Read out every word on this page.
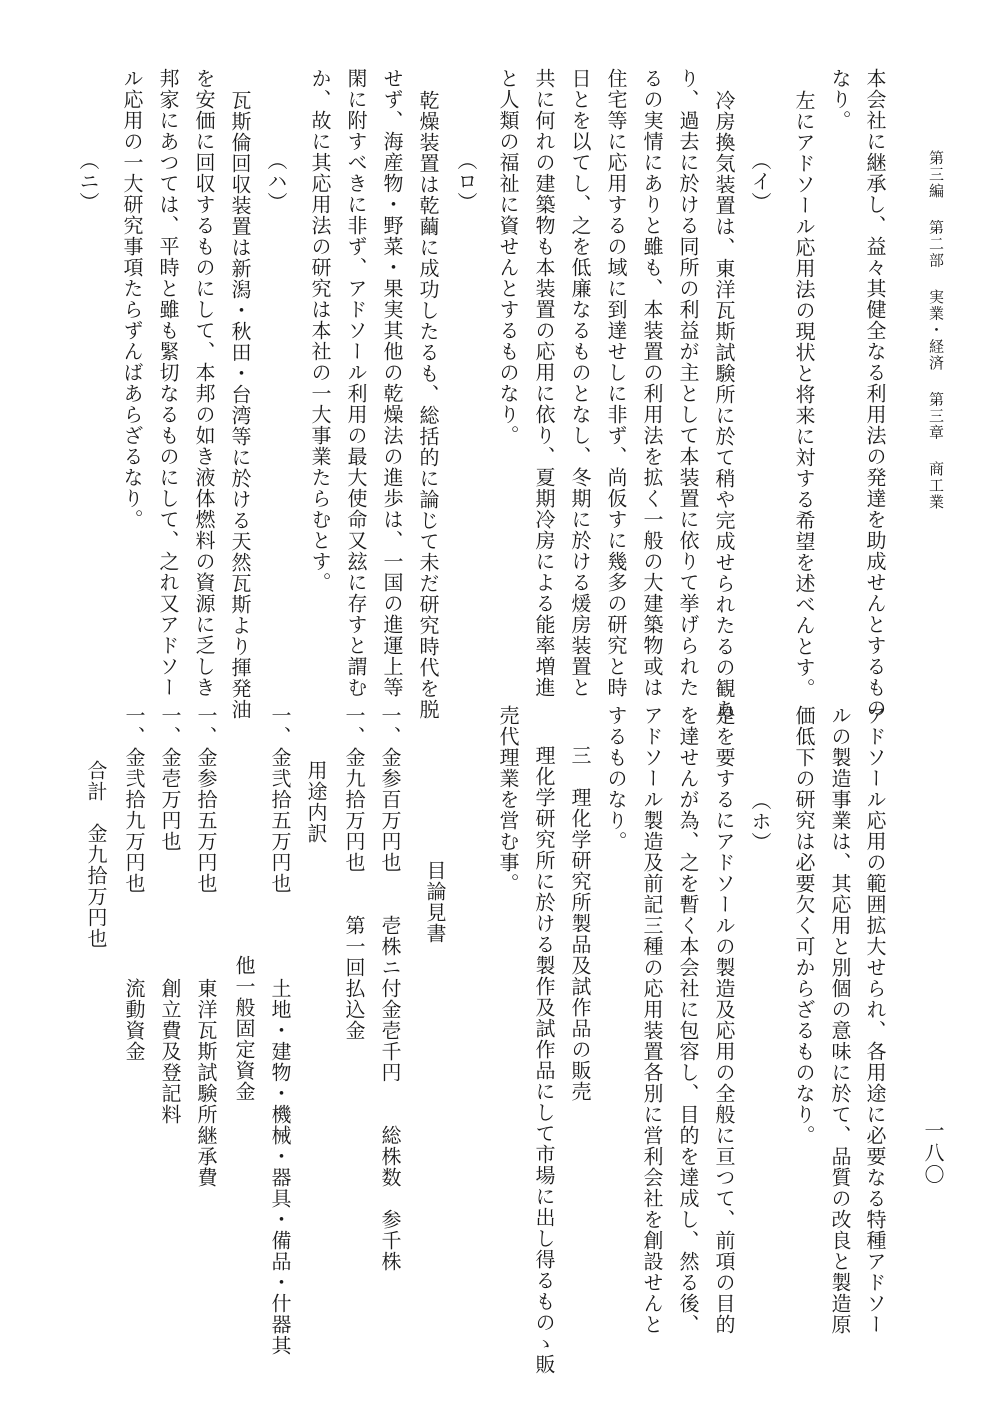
第三編第二部実業・経済第三章商工業
一八〇

本会社に継承し、益々其健全なる利用法の発達を助成せんとするもの

なり。

左にアドソール応用法の現状と将来に対する希望を述べんとす。

（イ）

冷房換気装置は、東洋瓦斯試験所に於て稍や完成せられたるの観あ

り、過去に於ける同所の利益が主として本装置に依りて挙げられた

るの実情にありと雖も、本装置の利用法を拡く一般の大建築物或は

住宅等に応用するの域に到達せしに非ず、尚仮すに幾多の研究と時

日とを以てし、之を低廉なるものとなし、冬期に於ける煖房装置と

共に何れの建築物も本装置の応用に依り、夏期冷房による能率増進

と人類の福祉に資せんとするものなり。

（ロ）

乾燥装置は乾繭に成功したるも、総括的に論じて未だ研究時代を脱

せず、海産物・野菜・果実其他の乾燥法の進歩は、一国の進運上等

閑に附すべきに非ず、アドソール利用の最大使命又玆に存すと謂む

か、故に其応用法の研究は本社の一大事業たらむとす。

（ハ）

瓦斯倫回収装置は新潟・秋田・台湾等に於ける天然瓦斯より揮発油

を安価に回収するものにして、本邦の如き液体燃料の資源に乏しき

邦家にあつては、平時と雖も緊切なるものにして、之れ又アドソー

ル応用の一大研究事項たらずんばあらざるなり。

（ニ）

アドソール応用の範囲拡大せられ、各用途に必要なる特種アドソー

ルの製造事業は、其応用と別個の意味に於て、品質の改良と製造原

価低下の研究は必要欠く可からざるものなり。

（ホ）

是を要するにアドソールの製造及応用の全般に亘つて、前項の目的

を達せんが為、之を暫く本会社に包容し、目的を達成し、然る後、

アドソール製造及前記三種の応用装置各別に営利会社を創設せんと

するものなり。

三　理化学研究所製品及試作品の販売

理化学研究所に於ける製作及試作品にして市場に出し得るものゝ販

売代理業を営む事。

目論見書

一、金参百万円也　　壱株ニ付金壱千円　　総株数　参千株

一、金九拾万円也　　第一回払込金

用途内訳

一、金弐拾五万円也　　　　土地・建物・機械・器具・備品・什器其

他一般固定資金

一、金参拾五万円也　　　　東洋瓦斯試験所継承費

一、金壱万円也　　　　　　創立費及登記料

一、金弐拾九万円也　　　　流動資金

合計　金九拾万円也
